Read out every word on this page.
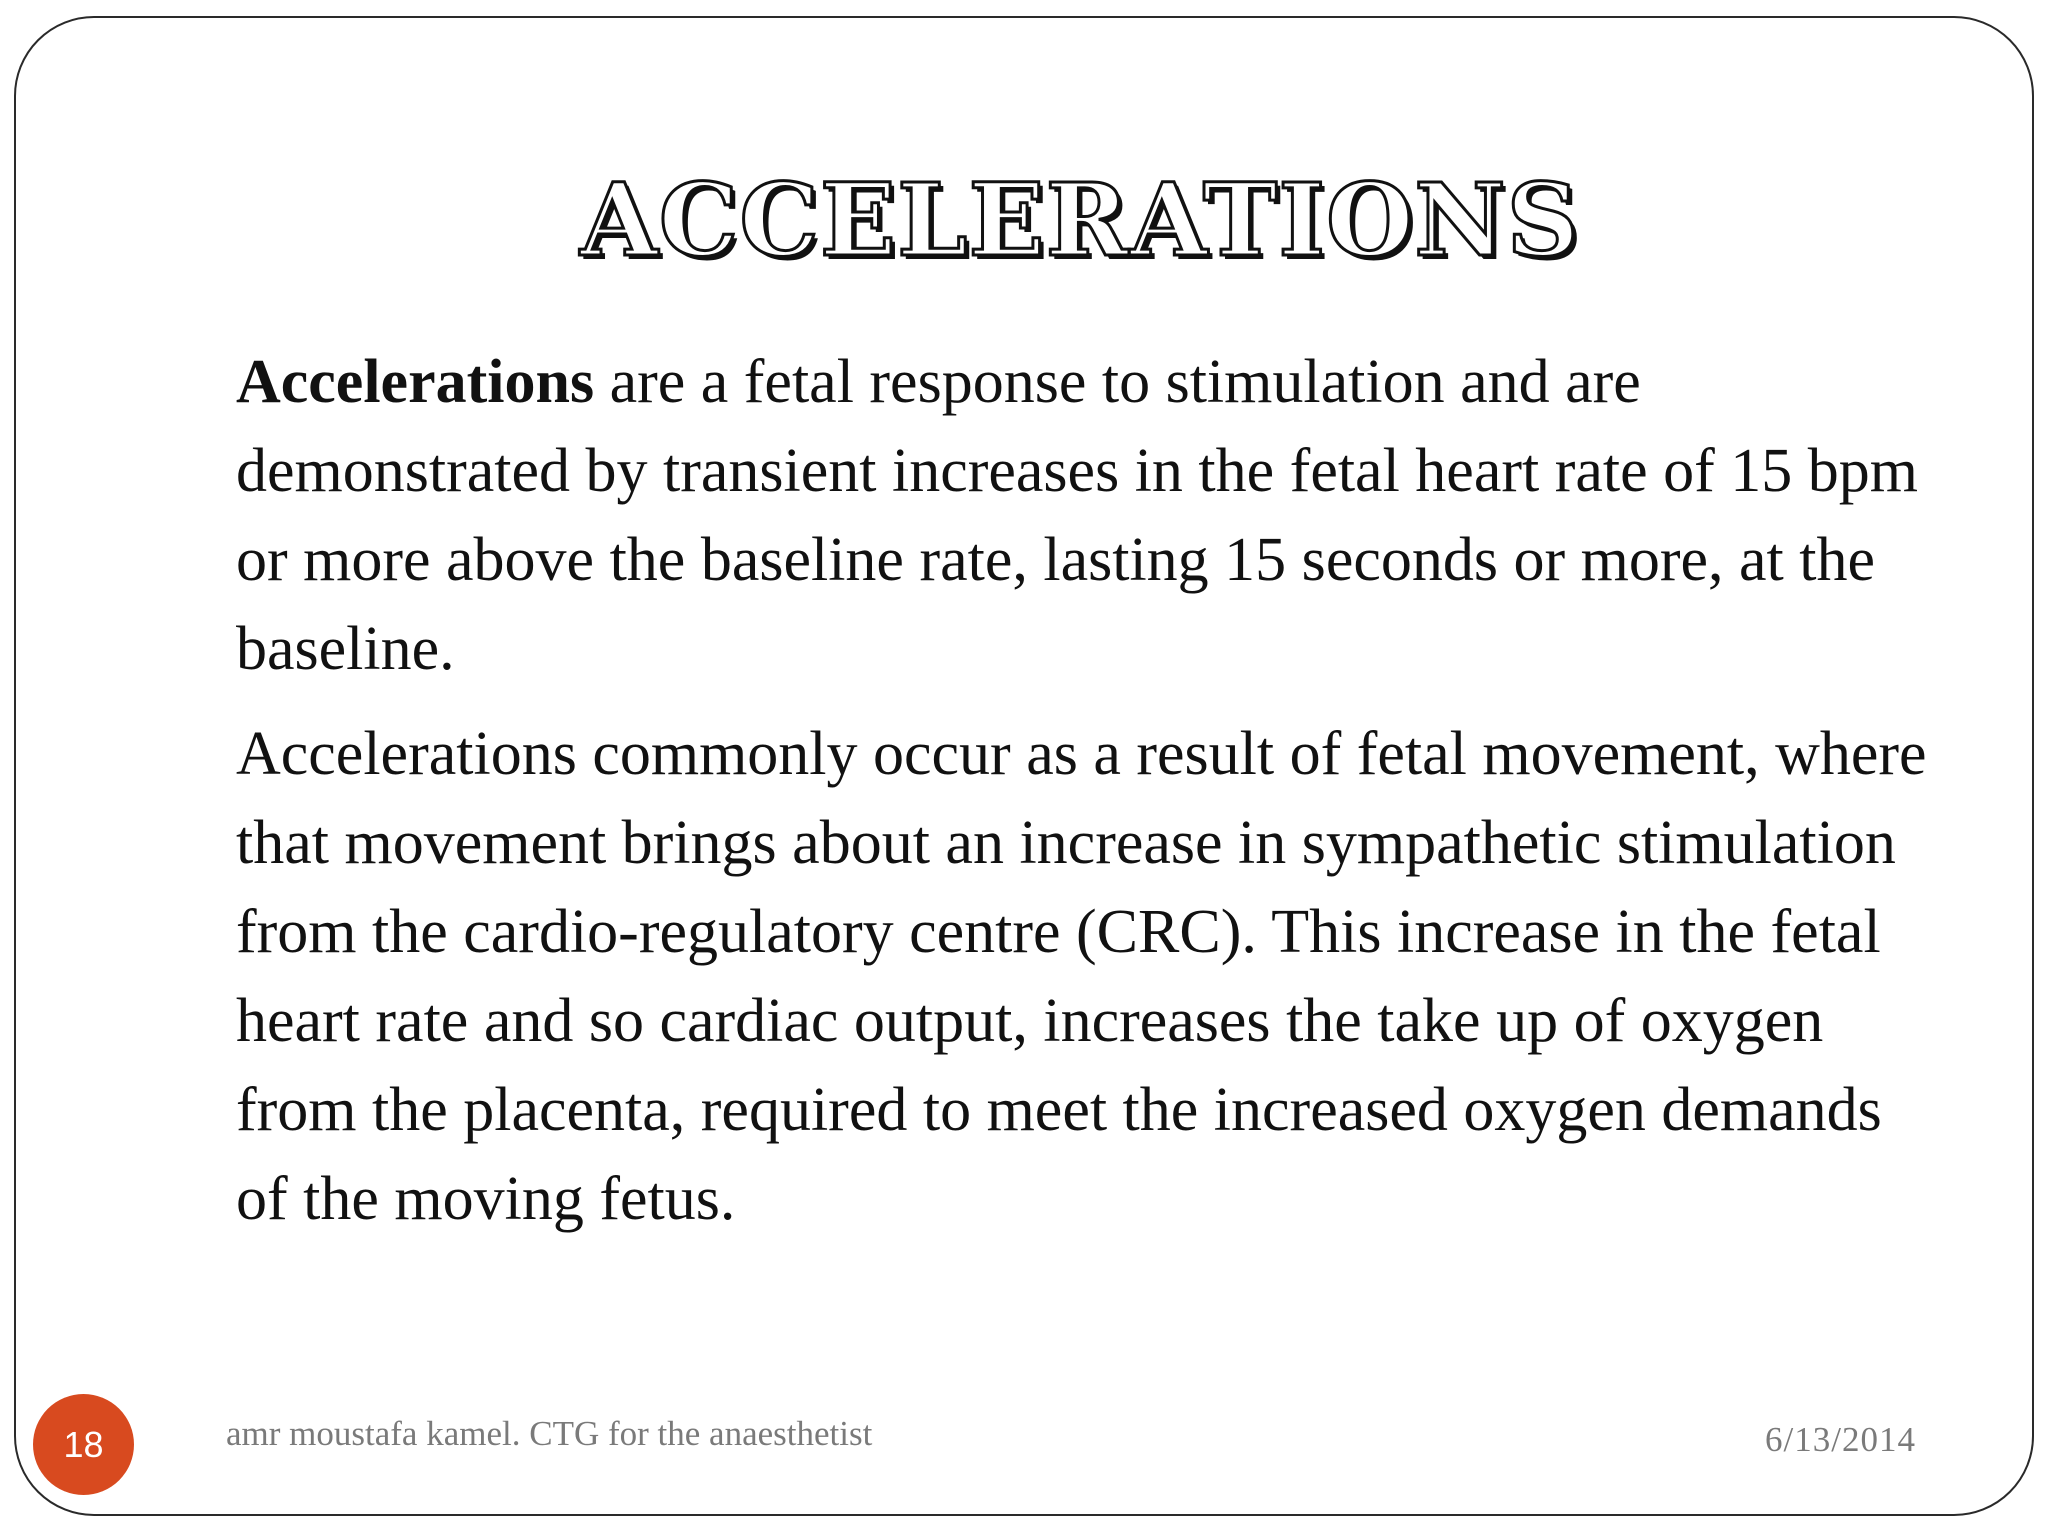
ACCELERATIONS

Accelerations are a fetal response to stimulation and are demonstrated by transient increases in the fetal heart rate of 15 bpm or more above the baseline rate, lasting 15 seconds or more, at the baseline.

Accelerations commonly occur as a result of fetal movement, where that movement brings about an increase in sympathetic stimulation from the cardio-regulatory centre (CRC). This increase in the fetal heart rate and so cardiac output, increases the take up of oxygen from the placenta, required to meet the increased oxygen demands of the moving fetus.

18	amr moustafa kamel. CTG for the anaesthetist	6/13/2014
